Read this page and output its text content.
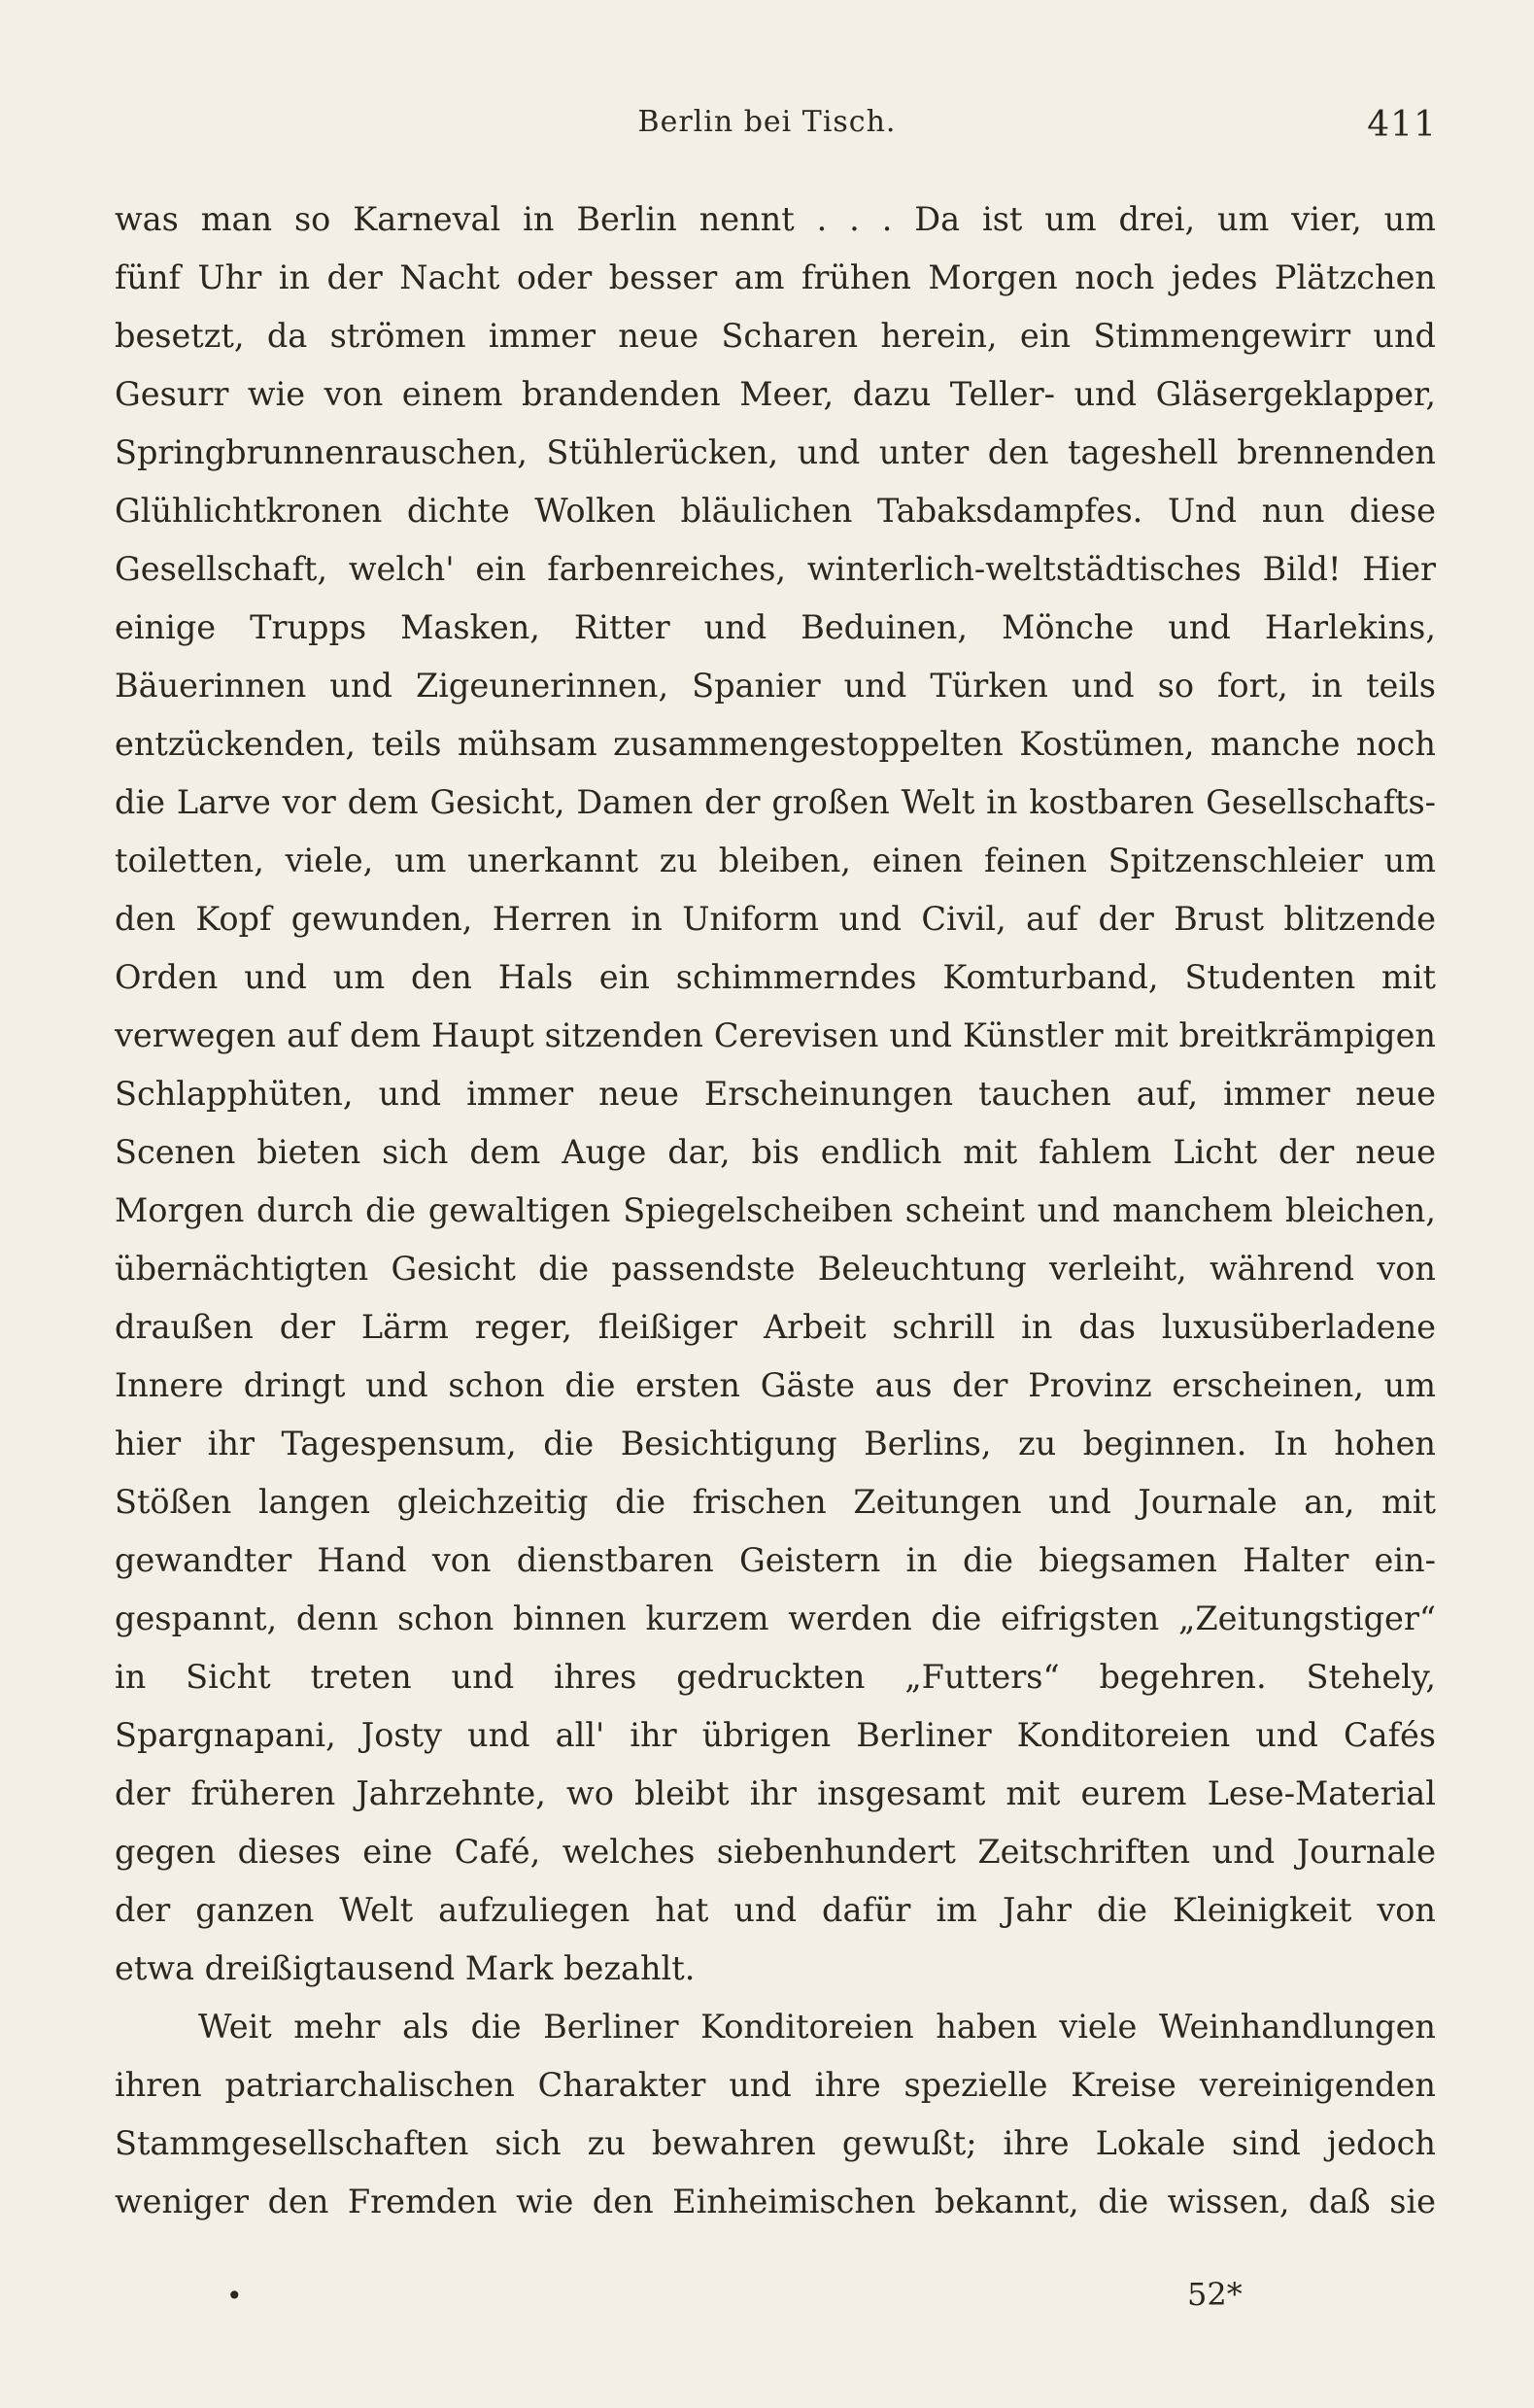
Berlin bei Tisch.	411
was man so Karneval in Berlin nennt . . . Da ist um drei, um vier, um
fünf Uhr in der Nacht oder besser am frühen Morgen noch jedes Plätzchen
besetzt, da strömen immer neue Scharen herein, ein Stimmengewirr und
Gesurr wie von einem brandenden Meer, dazu Teller- und Gläsergeklapper,
Springbrunnenrauschen, Stühlerücken, und unter den tageshell brennenden
Glühlichtkronen dichte Wolken bläulichen Tabaksdampfes. Und nun diese
Gesellschaft, welch' ein farbenreiches, winterlich-weltstädtisches Bild! Hier
einige Trupps Masken, Ritter und Beduinen, Mönche und Harlekins,
Bäuerinnen und Zigeunerinnen, Spanier und Türken und so fort, in teils
entzückenden, teils mühsam zusammengestoppelten Kostümen, manche noch
die Larve vor dem Gesicht, Damen der großen Welt in kostbaren Gesellschafts-
toiletten, viele, um unerkannt zu bleiben, einen feinen Spitzenschleier um
den Kopf gewunden, Herren in Uniform und Civil, auf der Brust blitzende
Orden und um den Hals ein schimmerndes Komturband, Studenten mit
verwegen auf dem Haupt sitzenden Cerevisen und Künstler mit breitkrämpigen
Schlapphüten, und immer neue Erscheinungen tauchen auf, immer neue
Scenen bieten sich dem Auge dar, bis endlich mit fahlem Licht der neue
Morgen durch die gewaltigen Spiegelscheiben scheint und manchem bleichen,
übernächtigten Gesicht die passendste Beleuchtung verleiht, während von
draußen der Lärm reger, fleißiger Arbeit schrill in das luxusüberladene
Innere dringt und schon die ersten Gäste aus der Provinz erscheinen, um
hier ihr Tagespensum, die Besichtigung Berlins, zu beginnen. In hohen
Stößen langen gleichzeitig die frischen Zeitungen und Journale an, mit
gewandter Hand von dienstbaren Geistern in die biegsamen Halter ein-
gespannt, denn schon binnen kurzem werden die eifrigsten „Zeitungstiger“
in Sicht treten und ihres gedruckten „Futters“ begehren. Stehely,
Spargnapani, Josty und all' ihr übrigen Berliner Konditoreien und Cafés
der früheren Jahrzehnte, wo bleibt ihr insgesamt mit eurem Lese-Material
gegen dieses eine Café, welches siebenhundert Zeitschriften und Journale
der ganzen Welt aufzuliegen hat und dafür im Jahr die Kleinigkeit von
etwa dreißigtausend Mark bezahlt.
Weit mehr als die Berliner Konditoreien haben viele Weinhandlungen
ihren patriarchalischen Charakter und ihre spezielle Kreise vereinigenden
Stammgesellschaften sich zu bewahren gewußt; ihre Lokale sind jedoch
weniger den Fremden wie den Einheimischen bekannt, die wissen, daß sie
•	52*
